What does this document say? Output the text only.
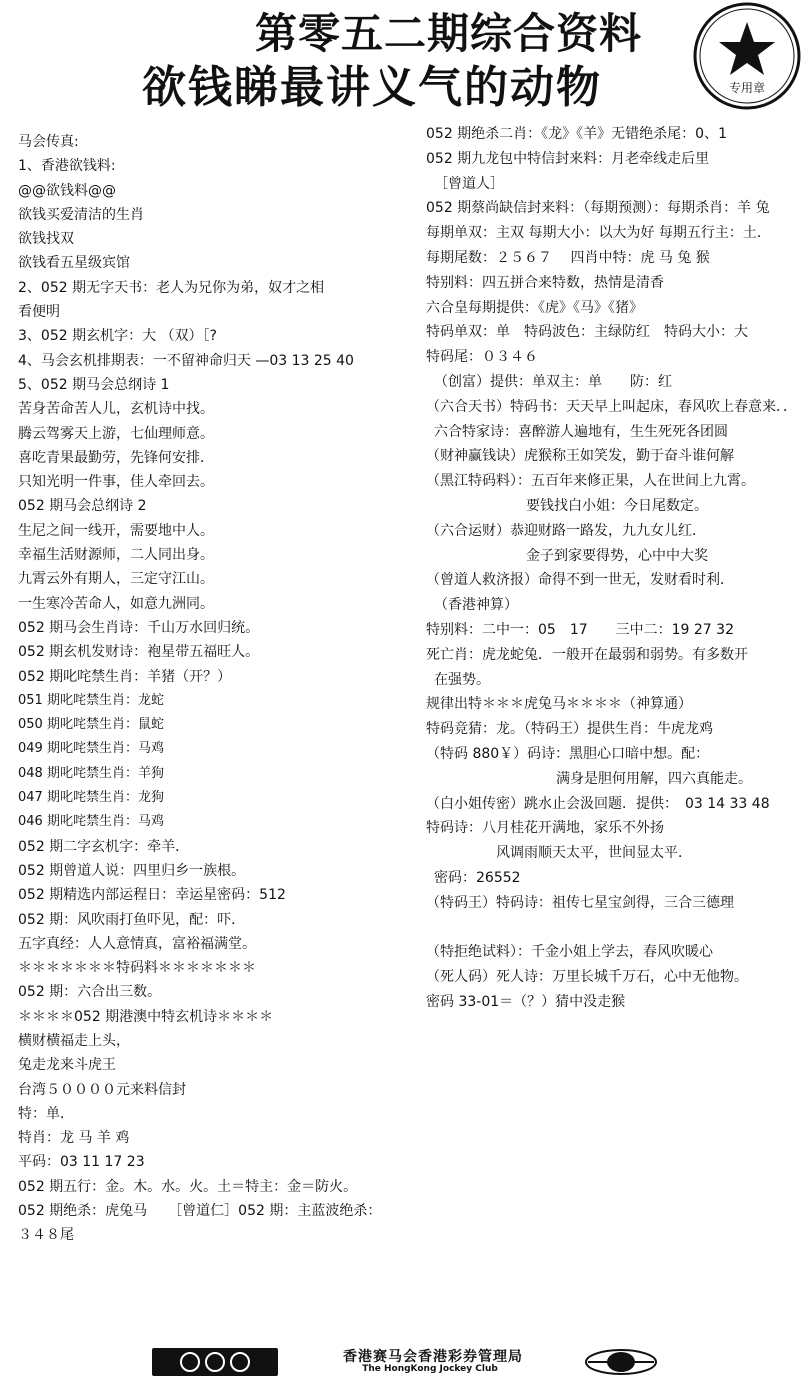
第零五二期综合资料
欲钱睇最讲义气的动物	专用章
马会传真:
1、香港欲钱料:
@@欲钱料@@
欲钱买爱清洁的生肖
欲钱找双
欲钱看五星级宾馆
2、052 期无字天书：老人为兄你为弟，奴才之相
看便明
3、052 期玄机字：大 （双）［?
4、马会玄机排期表：一不留神命归天 —03 13 25 40
5、052 期马会总纲诗 1
苦身苦命苦人儿，玄机诗中找。
腾云驾雾天上游，七仙理师意。
喜吃青果最勤劳，先锋何安排．
只知光明一件事，佳人牵回去。
052 期马会总纲诗 2
生尼之间一线开，需要地中人。
幸福生活财源师，二人同出身。
九霄云外有期人，三定守江山。
一生寒冷苦命人，如意九洲同。
052 期马会生肖诗：千山万水回归统。
052 期玄机发财诗：袍星带五福旺人。
052 期叱咤禁生肖：羊猪（开？）
051 期叱咤禁生肖：龙蛇
050 期叱咤禁生肖：鼠蛇
049 期叱咤禁生肖：马鸡
048 期叱咤禁生肖：羊狗
047 期叱咤禁生肖：龙狗
046 期叱咤禁生肖：马鸡
052 期二字玄机字：牵羊．
052 期曾道人说：四里归乡一族根。
052 期精选内部运程日：幸运星密码：512
052 期：风吹雨打鱼吓见，配：吓．
五字真经：人人意情真，富裕福满堂。
＊＊＊＊＊＊＊特码料＊＊＊＊＊＊＊
052 期：六合出三数。
＊＊＊＊052 期港澳中特玄机诗＊＊＊＊
横财横福走上头，
兔走龙来斗虎王
台湾５００００元来料信封
特：单．
特肖：龙 马 羊 鸡
平码：03 11 17 23
052 期五行：金。木。水。火。土＝特主：金＝防火。
052 期绝杀：虎兔马　　［曾道仁］052 期：主蓝波绝杀：
３４８尾
052 期绝杀二肖：《龙》《羊》无错绝杀尾：0、1
052 期九龙包中特信封来料：月老牵线走后里
［曾道人］
052 期蔡尚缺信封来料：（每期预测）：每期杀肖：羊 兔
每期单双：主双 每期大小：以大为好 每期五行主：土．
每期尾数：２５６７　 四肖中特：虎 马 兔 猴
特别料：四五拼合来特数，热情是清香
六合皇每期提供：《虎》《马》《猪》
特码单双：单　特码波色：主绿防红　特码大小：大
特码尾：０３４６
（创富）提供：单双主：单　　防：红
（六合天书）特码书：天天早上叫起床，春风吹上春意来．．
六合特家诗：喜醉游人遍地有，生生死死各团圆
（财神赢钱诀）虎猴称王如笑发，勤于奋斗谁何解
（黑江特码料）：五百年来修正果，人在世间上九霄。
要钱找白小姐：今日尾数定。
（六合运财）恭迎财路一路发，九九女儿红．
金子到家要得势，心中中大奖
（曾道人救济报）命得不到一世无，发财看时利．
（香港神算）
特别料：二中一：05　17　　三中二：19 27 32
死亡肖：虎龙蛇兔．一般开在最弱和弱势。有多数开
在强势。
规律出特＊＊＊虎兔马＊＊＊＊（神算通）
特码竞猜：龙。（特码王）提供生肖：牛虎龙鸡
（特码 880￥）码诗：黑胆心口暗中想。配：
满身是胆何用解，四六真能走。
（白小姐传密）跳水止会汲回题．提供：　03 14 33 48
特码诗：八月桂花开满地，家乐不外扬
风调雨顺天太平，世间显太平．
密码：26552
（特码王）特码诗：祖传七星宝剑得，三合三德理
（特拒绝试料）：千金小姐上学去，春风吹暖心
（死人码）死人诗：万里长城千万石，心中无他物。
密码 33-01＝（？）猜中没走猴
香港赛马会香港彩券管理局
The HongKong Jockey Club
